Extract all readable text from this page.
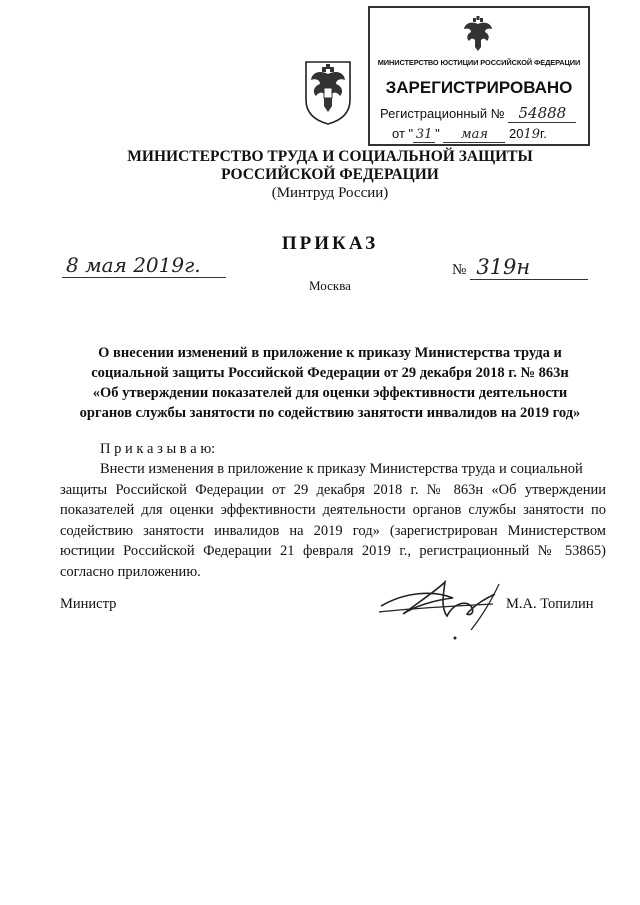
МИНИСТЕРСТВО ЮСТИЦИИ РОССИЙСКОЙ ФЕДЕРАЦИИ
ЗАРЕГИСТРИРОВАНО
Регистрационный № 54888
от " 31 " мая 2019г.
МИНИСТЕРСТВО ТРУДА И СОЦИАЛЬНОЙ ЗАЩИТЫ
РОССИЙСКОЙ ФЕДЕРАЦИИ
(Минтруд России)
ПРИКАЗ
8 мая 2019г.	№ 319н
Москва
О внесении изменений в приложение к приказу Министерства труда и
социальной защиты Российской Федерации от 29 декабря 2018 г. № 863н
«Об утверждении показателей для оценки эффективности деятельности
органов службы занятости по содействию занятости инвалидов на 2019 год»
П р и к а з ы в а ю:
Внести изменения в приложение к приказу Министерства труда и социальной
защиты Российской Федерации от 29 декабря 2018 г. № 863н «Об утверждении
показателей для оценки эффективности деятельности органов службы занятости по
содействию занятости инвалидов на 2019 год» (зарегистрирован Министерством
юстиции Российской Федерации 21 февраля 2019 г., регистрационный № 53865)
согласно приложению.
Министр	М.А. Топилин
